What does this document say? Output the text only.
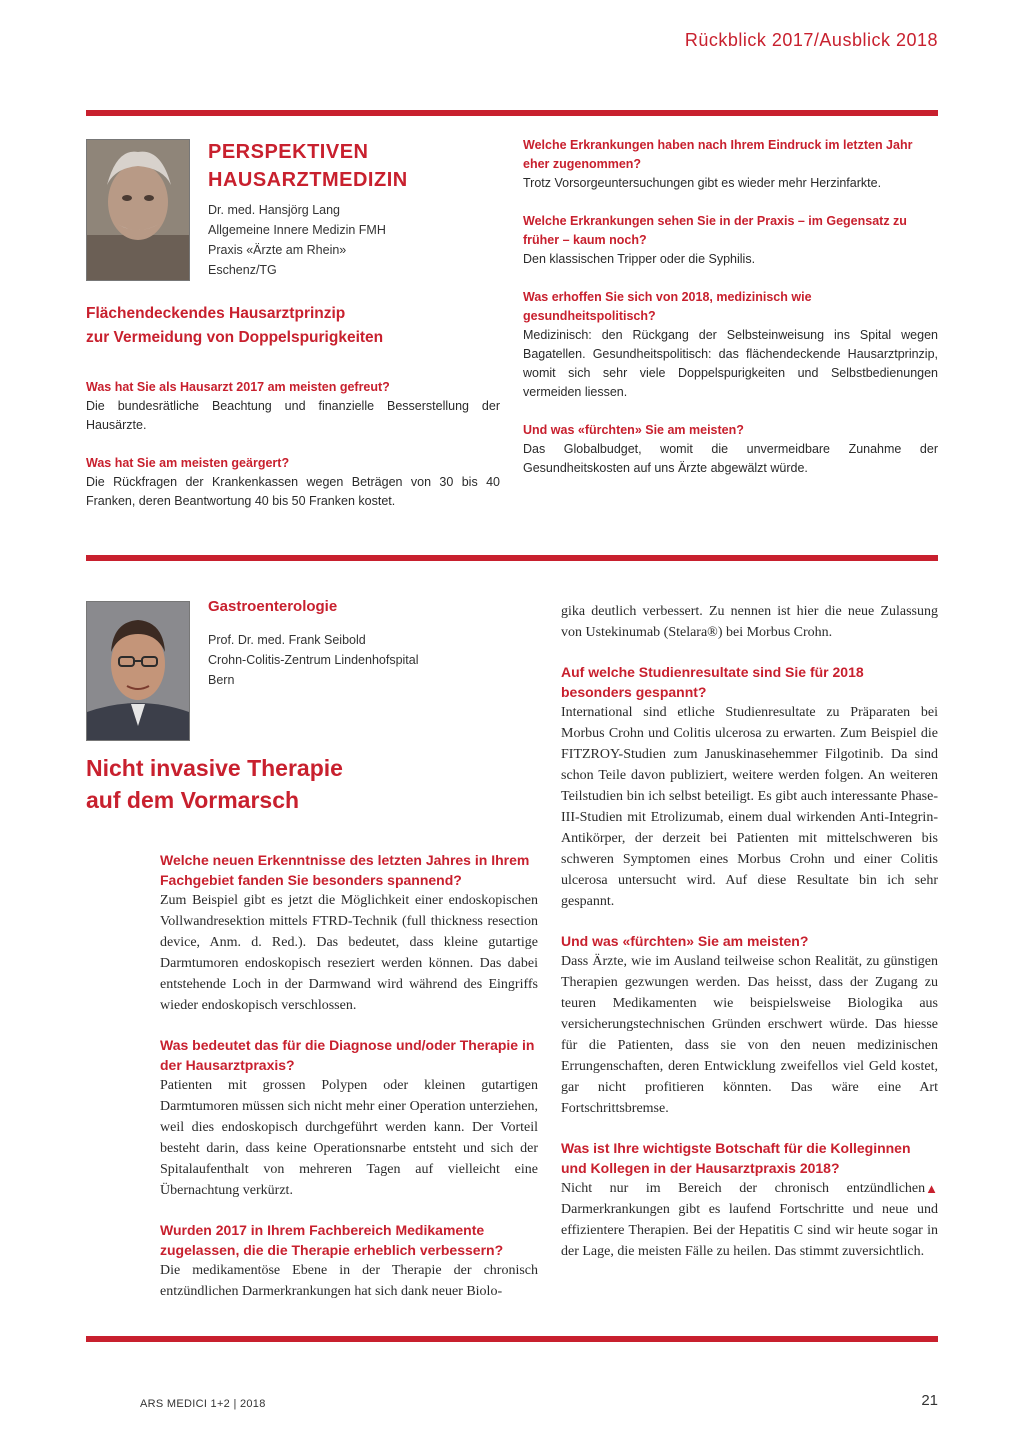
Rückblick 2017/Ausblick 2018
PERSPEKTIVEN
HAUSARZTMEDIZIN
Dr. med. Hansjörg Lang
Allgemeine Innere Medizin FMH
Praxis «Ärzte am Rhein»
Eschenz/TG
Flächendeckendes Hausarztprinzip
zur Vermeidung von Doppelspurigkeiten

Was hat Sie als Hausarzt 2017 am meisten gefreut?

Die bundesrätliche Beachtung und finanzielle Besserstellung der Hausärzte.

Was hat Sie am meisten geärgert?

Die Rückfragen der Krankenkassen wegen Beträgen von 30 bis 40 Franken, deren Beantwortung 40 bis 50 Franken kostet.

Welche Erkrankungen haben nach Ihrem Eindruck im letzten Jahr eher zugenommen?

Trotz Vorsorgeuntersuchungen gibt es wieder mehr Herzinfarkte.

Welche Erkrankungen sehen Sie in der Praxis – im Gegensatz zu früher – kaum noch?

Den klassischen Tripper oder die Syphilis.

Was erhoffen Sie sich von 2018, medizinisch wie gesundheitspolitisch?

Medizinisch: den Rückgang der Selbsteinweisung ins Spital wegen Bagatellen. Gesundheitspolitisch: das flächendeckende Hausarztprinzip, womit sich sehr viele Doppelspurigkeiten und Selbstbedienungen vermeiden liessen.

Und was «fürchten» Sie am meisten?

Das Globalbudget, womit die unvermeidbare Zunahme der Gesundheitskosten auf uns Ärzte abgewälzt würde.

Gastroenterologie
Prof. Dr. med. Frank Seibold
Crohn-Colitis-Zentrum Lindenhofspital
Bern
Nicht invasive Therapie
auf dem Vormarsch

Welche neuen Erkenntnisse des letzten Jahres in Ihrem Fachgebiet fanden Sie besonders spannend?

Zum Beispiel gibt es jetzt die Möglichkeit einer endoskopischen Vollwandresektion mittels FTRD-Technik (full thickness resection device, Anm. d. Red.). Das bedeutet, dass kleine gutartige Darmtumoren endoskopisch reseziert werden können. Das dabei entstehende Loch in der Darmwand wird während des Eingriffs wieder endoskopisch verschlossen.

Was bedeutet das für die Diagnose und/oder Therapie in der Hausarztpraxis?

Patienten mit grossen Polypen oder kleinen gutartigen Darmtumoren müssen sich nicht mehr einer Operation unterziehen, weil dies endoskopisch durchgeführt werden kann. Der Vorteil besteht darin, dass keine Operationsnarbe entsteht und sich der Spitalaufenthalt von mehreren Tagen auf vielleicht eine Übernachtung verkürzt.

Wurden 2017 in Ihrem Fachbereich Medikamente zugelassen, die die Therapie erheblich verbessern?

Die medikamentöse Ebene in der Therapie der chronisch entzündlichen Darmerkrankungen hat sich dank neuer Biolo-

gika deutlich verbessert. Zu nennen ist hier die neue Zulassung von Ustekinumab (Stelara®) bei Morbus Crohn.

Auf welche Studienresultate sind Sie für 2018 besonders gespannt?

International sind etliche Studienresultate zu Präparaten bei Morbus Crohn und Colitis ulcerosa zu erwarten. Zum Beispiel die FITZROY-Studien zum Januskinasehemmer Filgotinib. Da sind schon Teile davon publiziert, weitere werden folgen. An weiteren Teilstudien bin ich selbst beteiligt. Es gibt auch interessante Phase-III-Studien mit Etrolizumab, einem dual wirkenden Anti-Integrin-Antikörper, der derzeit bei Patienten mit mittelschweren bis schweren Symptomen eines Morbus Crohn und einer Colitis ulcerosa untersucht wird. Auf diese Resultate bin ich sehr gespannt.

Und was «fürchten» Sie am meisten?

Dass Ärzte, wie im Ausland teilweise schon Realität, zu günstigen Therapien gezwungen werden. Das heisst, dass der Zugang zu teuren Medikamenten wie beispielsweise Biologika aus versicherungstechnischen Gründen erschwert würde. Das hiesse für die Patienten, dass sie von den neuen medizinischen Errungenschaften, deren Entwicklung zweifellos viel Geld kostet, gar nicht profitieren könnten. Das wäre eine Art Fortschrittsbremse.

Was ist Ihre wichtigste Botschaft für die Kolleginnen und Kollegen in der Hausarztpraxis 2018?

▲
Nicht nur im Bereich der chronisch entzündlichen Darmerkrankungen gibt es laufend Fortschritte und neue und effizientere Therapien. Bei der Hepatitis C sind wir heute sogar in der Lage, die meisten Fälle zu heilen. Das stimmt zuversichtlich.

ARS MEDICI 1+2 | 2018	21
